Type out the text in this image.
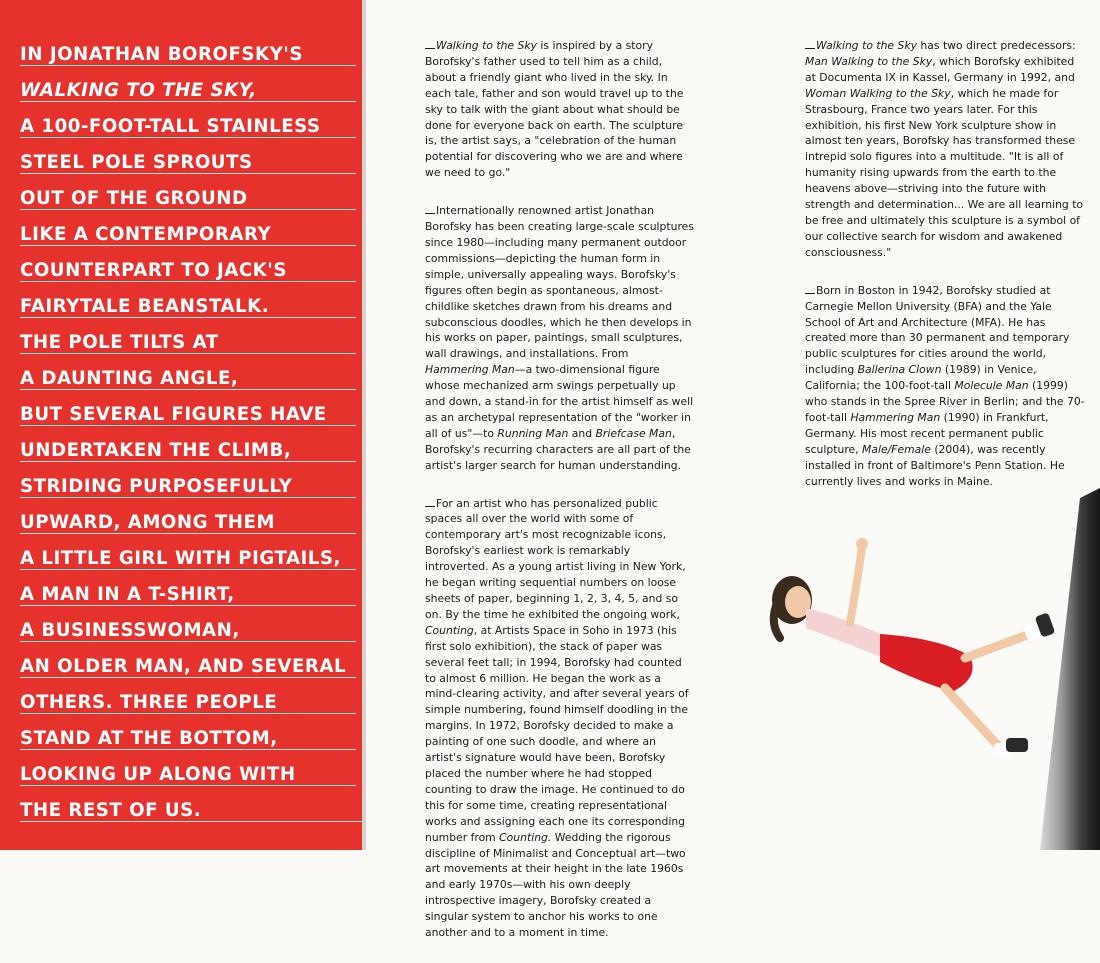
IN JONATHAN BOROFSKY'S
WALKING TO THE SKY,
A 100-FOOT-TALL STAINLESS
STEEL POLE SPROUTS
OUT OF THE GROUND
LIKE A CONTEMPORARY
COUNTERPART TO JACK'S
FAIRYTALE BEANSTALK.
THE POLE TILTS AT
A DAUNTING ANGLE,
BUT SEVERAL FIGURES HAVE
UNDERTAKEN THE CLIMB,
STRIDING PURPOSEFULLY
UPWARD, AMONG THEM
A LITTLE GIRL WITH PIGTAILS,
A MAN IN A T-SHIRT,
A BUSINESSWOMAN,
AN OLDER MAN, AND SEVERAL
OTHERS. THREE PEOPLE
STAND AT THE BOTTOM,
LOOKING UP ALONG WITH
THE REST OF US.

Walking to the Sky is inspired by a story Borofsky's father used to tell him as a child, about a friendly giant who lived in the sky. In each tale, father and son would travel up to the sky to talk with the giant about what should be done for everyone back on earth. The sculpture is, the artist says, a "celebration of the human potential for discovering who we are and where we need to go."

Internationally renowned artist Jonathan Borofsky has been creating large-scale sculptures since 1980—including many permanent outdoor commissions—depicting the human form in simple, universally appealing ways. Borofsky's figures often begin as spontaneous, almost-childlike sketches drawn from his dreams and subconscious doodles, which he then develops in his works on paper, paintings, small sculptures, wall drawings, and installations. From Hammering Man—a two-dimensional figure whose mechanized arm swings perpetually up and down, a stand-in for the artist himself as well as an archetypal representation of the "worker in all of us"—to Running Man and Briefcase Man, Borofsky's recurring characters are all part of the artist's larger search for human understanding.

For an artist who has personalized public spaces all over the world with some of contemporary art's most recognizable icons, Borofsky's earliest work is remarkably introverted. As a young artist living in New York, he began writing sequential numbers on loose sheets of paper, beginning 1, 2, 3, 4, 5, and so on. By the time he exhibited the ongoing work, Counting, at Artists Space in Soho in 1973 (his first solo exhibition), the stack of paper was several feet tall; in 1994, Borofsky had counted to almost 6 million. He began the work as a mind-clearing activity, and after several years of simple numbering, found himself doodling in the margins. In 1972, Borofsky decided to make a painting of one such doodle, and where an artist's signature would have been, Borofsky placed the number where he had stopped counting to draw the image. He continued to do this for some time, creating representational works and assigning each one its corresponding number from Counting. Wedding the rigorous discipline of Minimalist and Conceptual art—two art movements at their height in the late 1960s and early 1970s—with his own deeply introspective imagery, Borofsky created a singular system to anchor his works to one another and to a moment in time.

Walking to the Sky has two direct predecessors: Man Walking to the Sky, which Borofsky exhibited at Documenta IX in Kassel, Germany in 1992, and Woman Walking to the Sky, which he made for Strasbourg, France two years later. For this exhibition, his first New York sculpture show in almost ten years, Borofsky has transformed these intrepid solo figures into a multitude. "It is all of humanity rising upwards from the earth to the heavens above—striving into the future with strength and determination... We are all learning to be free and ultimately this sculpture is a symbol of our collective search for wisdom and awakened consciousness."

Born in Boston in 1942, Borofsky studied at Carnegie Mellon University (BFA) and the Yale School of Art and Architecture (MFA). He has created more than 30 permanent and temporary public sculptures for cities around the world, including Ballerina Clown (1989) in Venice, California; the 100-foot-tall Molecule Man (1999) who stands in the Spree River in Berlin; and the 70-foot-tall Hammering Man (1990) in Frankfurt, Germany. His most recent permanent public sculpture, Male/Female (2004), was recently installed in front of Baltimore's Penn Station. He currently lives and works in Maine.
